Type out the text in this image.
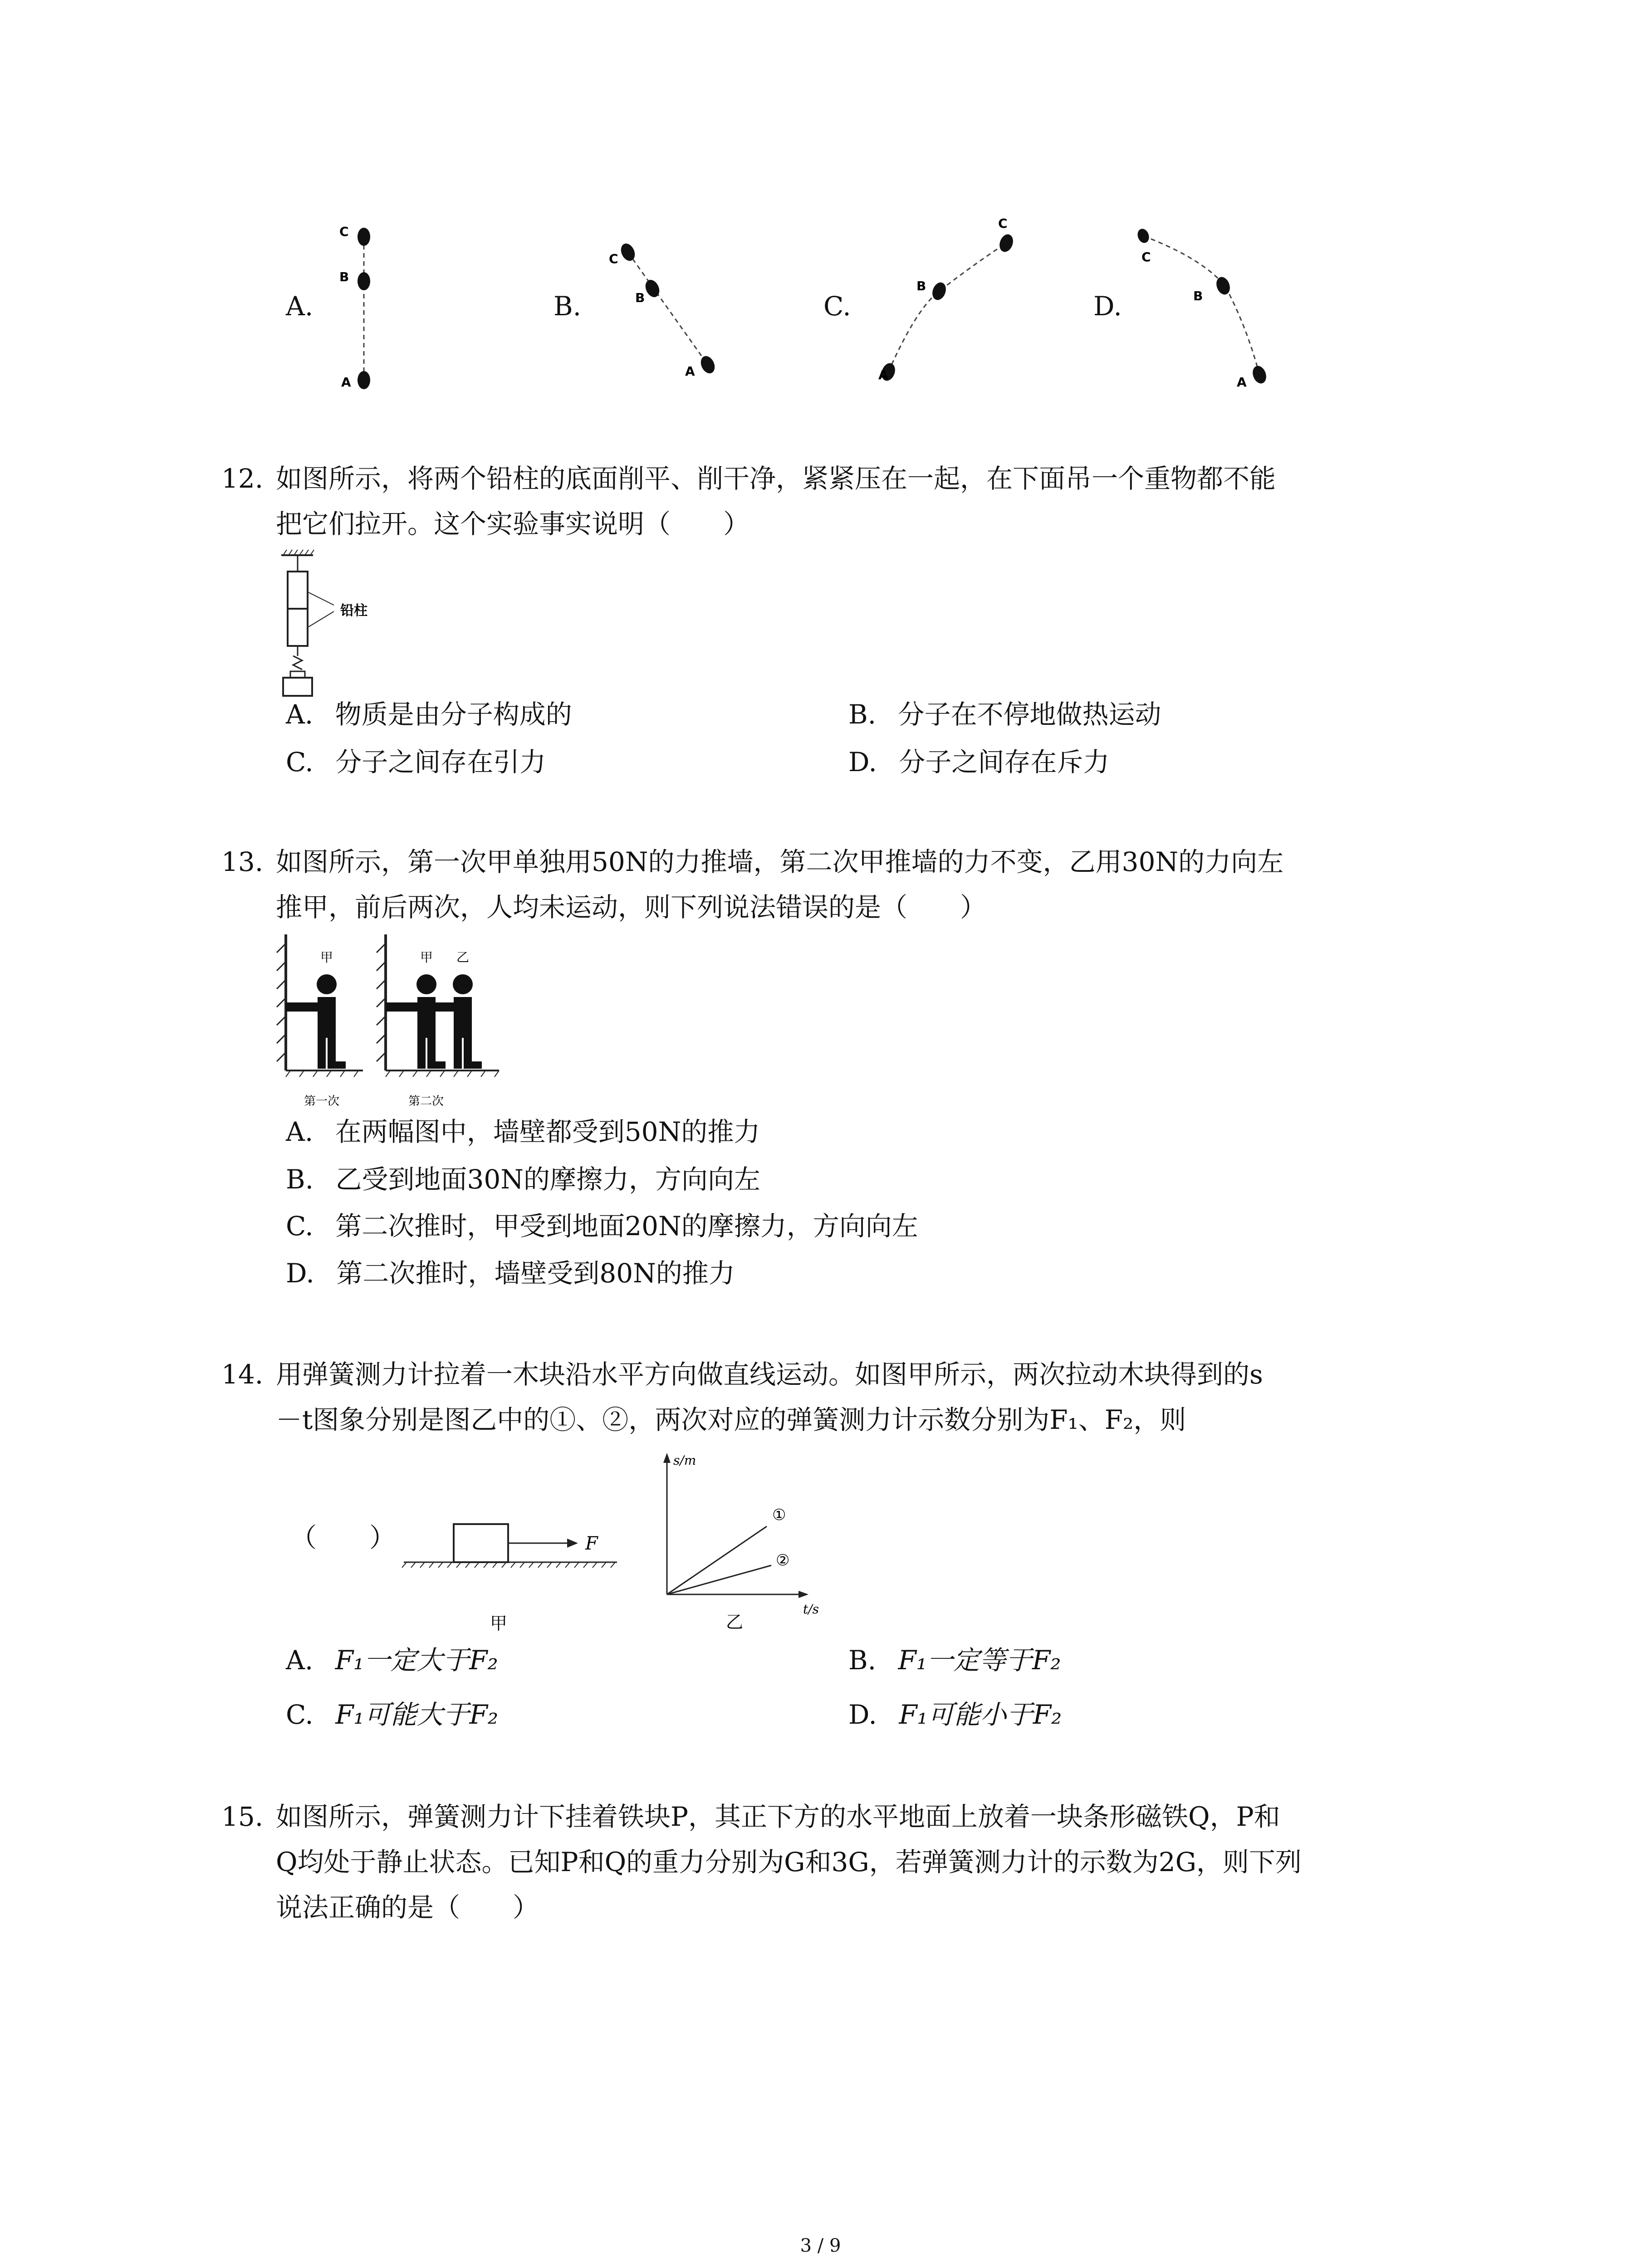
A.
C
B
A
B.
C
B
A
C.
C
B
A
D.
C
B
A
12. 如图所示，将两个铅柱的底面削平、削干净，紧紧压在一起，在下面吊一个重物都不能
把它们拉开。这个实验事实说明（　　）
铅柱
A. 物质是由分子构成的	B. 分子在不停地做热运动
C. 分子之间存在引力	D. 分子之间存在斥力
13. 如图所示，第一次甲单独用50N的力推墙，第二次甲推墙的力不变，乙用30N的力向左
推甲，前后两次，人均未运动，则下列说法错误的是（　　）
甲	甲 乙
第一次	第二次
A. 在两幅图中，墙壁都受到50N的推力
B. 乙受到地面30N的摩擦力，方向向左
C. 第二次推时，甲受到地面20N的摩擦力，方向向左
D. 第二次推时，墙壁受到80N的推力
14. 用弹簧测力计拉着一木块沿水平方向做直线运动。如图甲所示，两次拉动木块得到的s
－t图象分别是图乙中的①、②，两次对应的弹簧测力计示数分别为F₁、F₂，则
（　　）	F
甲
s/m
t/s
①
②
乙
A. F₁一定大于F₂	B. F₁一定等于F₂
C. F₁可能大于F₂	D. F₁可能小于F₂
15. 如图所示，弹簧测力计下挂着铁块P，其正下方的水平地面上放着一块条形磁铁Q，P和
Q均处于静止状态。已知P和Q的重力分别为G和3G，若弹簧测力计的示数为2G，则下列
说法正确的是（　　）
3 / 9
